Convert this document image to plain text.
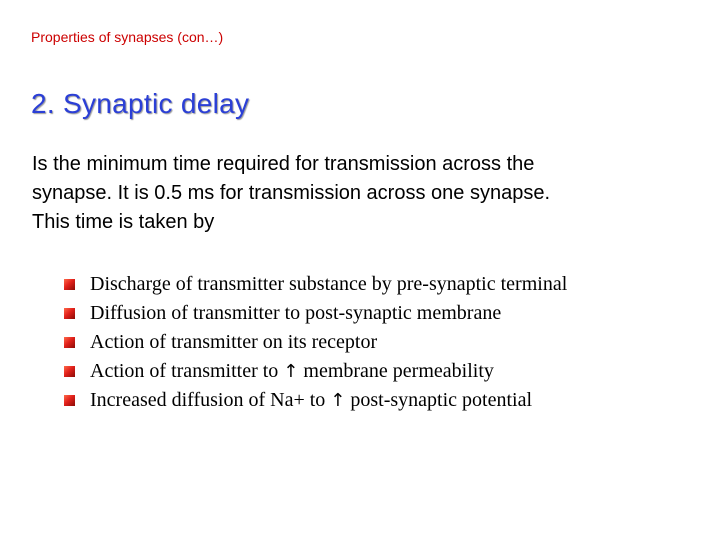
Properties of synapses (con…)
2. Synaptic delay
Is the minimum time required for transmission across the
synapse. It is 0.5 ms for transmission across one synapse.
This time is taken by
Discharge of transmitter substance by pre-synaptic terminal
Diffusion of transmitter to post-synaptic membrane
Action of transmitter on its receptor
Action of transmitter to ↑ membrane permeability
Increased diffusion of Na+ to ↑ post-synaptic potential
